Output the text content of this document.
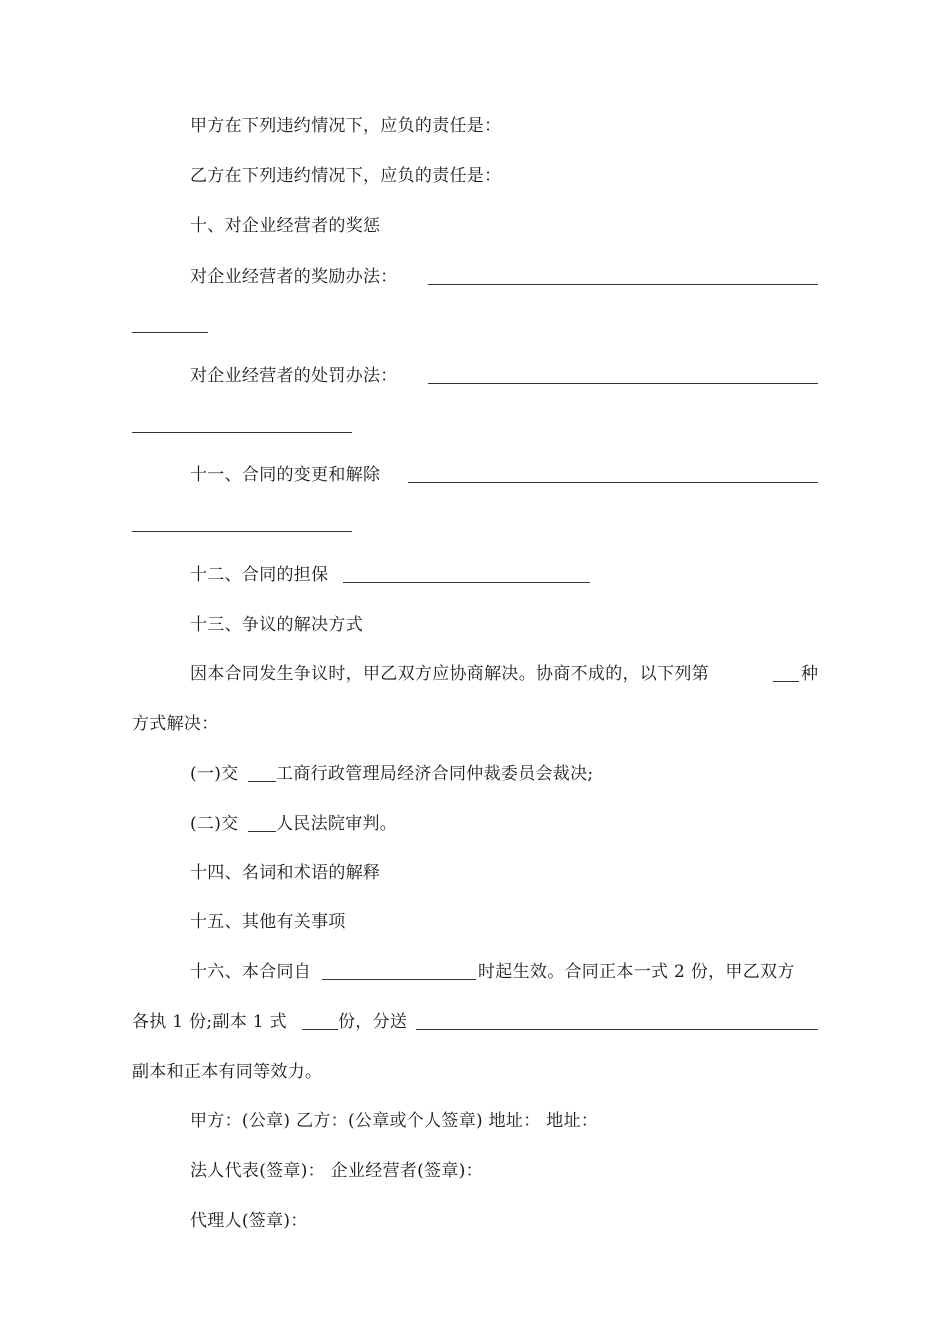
甲方在下列违约情况下，应负的责任是：
乙方在下列违约情况下，应负的责任是：
十、对企业经营者的奖惩
对企业经营者的奖励办法：
对企业经营者的处罚办法：
十一、合同的变更和解除
十二、合同的担保
十三、争议的解决方式
因本合同发生争议时，甲乙双方应协商解决。协商不成的，以下列第	种
方式解决：
(一)交 工商行政管理局经济合同仲裁委员会裁决;
(二)交 人民法院审判。
十四、名词和术语的解释
十五、其他有关事项
十六、本合同自	时起生效。合同正本一式 2 份，甲乙双方
各执 1 份;副本 1 式	份，分送
副本和正本有同等效力。
甲方：(公章) 乙方：(公章或个人签章) 地址： 地址：
法人代表(签章)： 企业经营者(签章)：
代理人(签章)：
